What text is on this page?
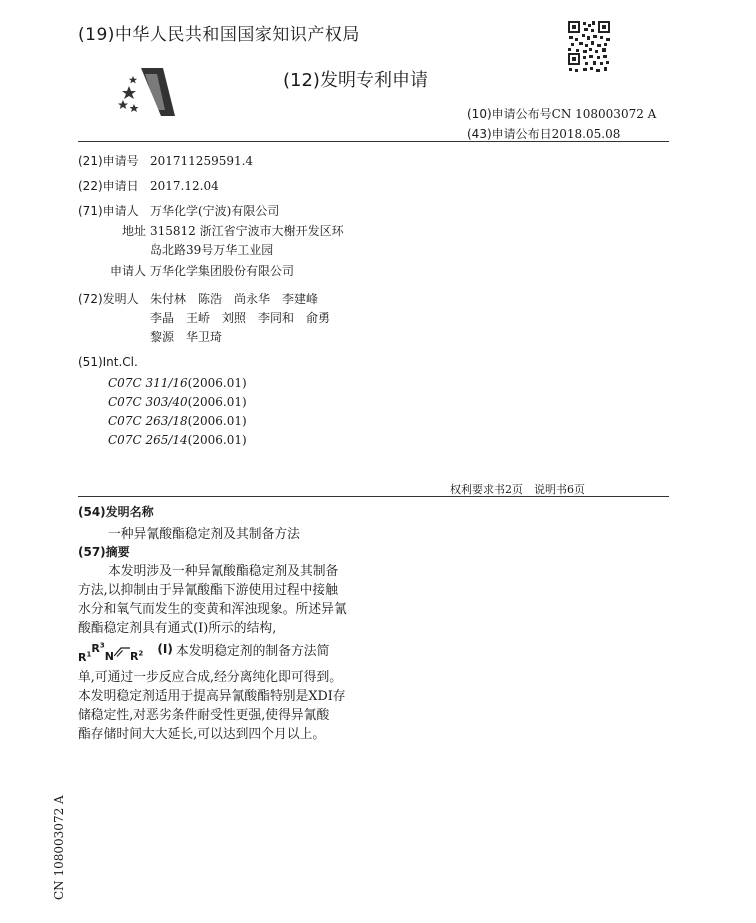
(19)中华人民共和国国家知识产权局
(12)发明专利申请
(10)申请公布号CN 108003072 A
(43)申请公布日2018.05.08
(21)申请号 201711259591.4
(22)申请日 2017.12.04
(71)申请人 万华化学(宁波)有限公司
地址 315812 浙江省宁波市大榭开发区环
岛北路39号万华工业园
申请人 万华化学集团股份有限公司
(72)发明人 朱付林　陈浩　尚永华　李建峰
李晶　王峤　刘照　李同和　俞勇
黎源　华卫琦
(51)Int.Cl.
C07C 311/16(2006.01)
C07C 303/40(2006.01)
C07C 263/18(2006.01)
C07C 265/14(2006.01)
权利要求书2页　说明书6页
(54)发明名称
一种异氰酸酯稳定剂及其制备方法
(57)摘要
本发明涉及一种异氰酸酯稳定剂及其制备
方法,以抑制由于异氰酸酯下游使用过程中接触
水分和氧气而发生的变黄和浑浊现象。所述异氰
酸酯稳定剂具有通式(I)所示的结构,
$R^1R^3N$ $R^2$ (I) 本发明稳定剂的制备方法简
单,可通过一步反应合成,经分离纯化即可得到。
本发明稳定剂适用于提高异氰酸酯特别是XDI存
储稳定性,对恶劣条件耐受性更强,使得异氰酸
酯存储时间大大延长,可以达到四个月以上。
CN 108003072 A
